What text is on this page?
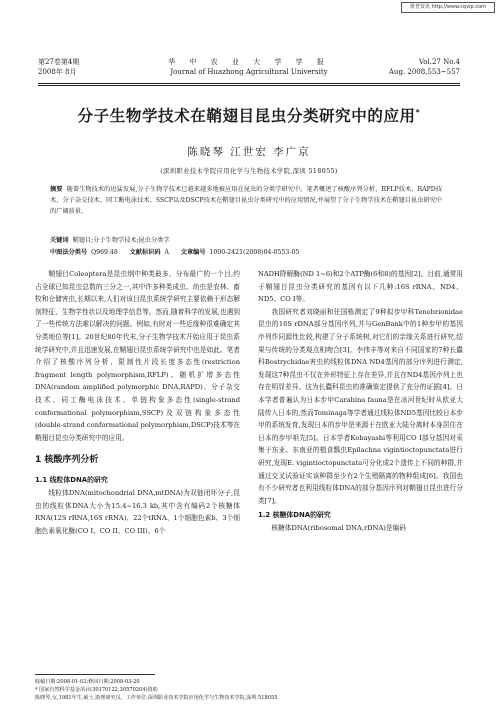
维普资讯 http://www.cqvip.com
第27卷第4期
2008年 8月
华 中 农 业 大 学 学 报
Journal of Huazhong Agricultural University
Vol.27 No.4
Aug. 2008,553~557
分子生物学技术在鞘翅目昆虫分类研究中的应用*
陈晓琴 江世宏 李广京
(深圳职业技术学院应用化学与生物技术学院,深圳 518055)
摘要 随着生物技术的迅猛发展,分子生物学技术已越来越多地被应用在昆虫的分类学研究中。笔者概述了核酸序列分析、RFLP技术、RAPD技术、分子杂交技术、同工酶电泳技术、SSCP以及DSCP技术在鞘翅目昆虫分类研究中的应用情况,并展望了分子生物学技术在鞘翅目昆虫研究中的广阔前景。
关键词 鞘翅目;分子生物学技术;昆虫分类学
中图法分类号 Q969.48 文献标识码 A 文章编号 1000-2421(2008)04-0553-05

鞘翅目Coleoptera是昆虫纲中种类最多、分布最广的一个目,约占全球已知昆虫总数的三分之一,其中许多种类成虫、幼虫是农林、畜牧和仓储害虫,长期以来,人们对该目昆虫系统学研究主要依赖于形态解剖特征、生物学性状以及地理学信息等。然而,随着科学的发展,也遇到了一些传统方法难以解决的问题。例如,有时对一些近缘种很难确定其分类地位等[1]。20世纪80年代末,分子生物学技术开始应用于昆虫系统学研究中,并且迅速发展,在鞘翅目昆虫系统学研究中也是如此。笔者介绍了核酸序列分析、限制性片段长度多态性(restriction fragment length polymorphism,RFLP)、随机扩增多态性DNA(random amplified polymorphic DNA,RAPD)、分子杂交技术、同工酶电泳技术、单链构象多态性(single-strand conformational polymorphism,SSCP)及双链构象多态性(double-strand conformational polymorphism,DSCP)技术等在鞘翅目昆虫分类研究中的应用。

1 核酸序列分析
1.1 线粒体DNA的研究

线粒体DNA(mitochondrial DNA,mtDNA)为双链闭环分子,昆虫的线粒体DNA大小为15.4~16.3 kb,其中含有编码2个核糖体RNA(12S rRNA,16S rRNA)、22个tRNA、1个细胞色素b、3个细胞色素氧化酶(CO I、CO II、CO III)、6个

NADH降解酶(ND 1~6)和2个ATP酶(6和8)的基因[2]。目前,通常用于鞘翅目昆虫分类研究的基因有以下几种:16S rRNA、ND4、ND5、CO I等。

我国研究者刘晓丽和任国栋测定了9种拟步甲科Tenebrionidae昆虫的16S rDNA部分基因序列,并与GenBank中的1种步甲的基因序列作同源性比较,构建了分子系统树,对它们的亲缘关系进行研究,结果与传统的分类观点相吻合[3]。李伟丰等对来自不同国家的7种长蠹科Bostrychidae害虫的线粒体DNA ND4基因的部分序列进行测定,发现这7种昆虫不仅在外形特征上存在差异,并且在ND4基因序列上也存在明显差异。这为长蠹科昆虫的准确鉴定提供了充分的证据[4]。日本学者普遍认为日本步甲Carabina fauna是在冰河世纪时从欧亚大陆传入日本的,然而Tominaga等学者通过线粒体ND5基因比较日本步甲的系统发育,发现日本的步甲是来源于在欧亚大陆分离时本身居住在日本的步甲祖先[5]。日本学者Kobayashi等利用CO I部分基因对采集于东亚、东南亚的植食瓢虫Epilachna vigintioctopunctata进行研究,发现E. vigintioctopunctata可分化成2个遗传上不同的种群,并通过交叉试验证实该种群至少有2个生殖隔离的物种组成[6]。我国也有不少研究者也利用线粒体DNA的部分基因序列对鞘翅目昆虫进行分类[7]。

1.2 核糖体DNA的研究

核糖体DNA(ribosomal DNA,rDNA)是编码

收稿日期:2008-01-03;修回日期:2008-03-20
* 国家自然科学基金项目(30170122,30570204)资助
陈晓琴,女,1981年生,硕士,助理研究员。工作单位:深圳职业技术学院应用化学与生物技术学院,深圳 518055
